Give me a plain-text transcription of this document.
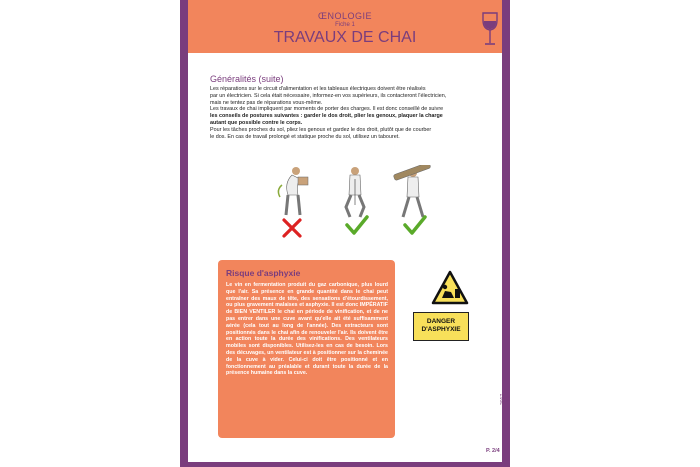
ŒNOLOGIE
Fiche 1
TRAVAUX DE CHAI
Généralités (suite)
Les réparations sur le circuit d'alimentation et les tableaux électriques doivent être réalisés
par un électricien. Si cela était nécessaire, informez-en vos supérieurs, ils contacteront l'électricien,
mais ne tentez pas de réparations vous-même.
Les travaux de chai impliquent par moments de porter des charges. Il est donc conseillé de suivre
les conseils de postures suivantes : garder le dos droit, plier les genoux, plaquer la charge
autant que possible contre le corps.
Pour les tâches proches du sol, pliez les genoux et gardez le dos droit, plutôt que de courber
le dos. En cas de travail prolongé et statique proche du sol, utilisez un tabouret.
Risque d'asphyxie
Le vin en fermentation produit du gaz carbonique, plus lourd que l'air. Sa présence en grande quantité dans le chai peut entraîner des maux de tête, des sensations d'étourdissement, ou plus gravement malaises et asphyxie. Il est donc IMPÉRATIF de BIEN VENTILER le chai en période de vinification, et de ne pas entrer dans une cuve avant qu'elle ait été suffisamment aérée (cela tout au long de l'année). Des extracteurs sont positionnés dans le chai afin de renouveler l'air. Ils doivent être en action toute la durée des vinifications. Des ventilateurs mobiles sont disponibles. Utilisez-les en cas de besoin. Lors des décuvages, un ventilateur est à positionner sur la cheminée de la cuve à vider. Celui-ci doit être positionné et en fonctionnement au préalable et durant toute la durée de la présence humaine dans la cuve.
DANGER
D'ASPHYXIE
2017 - V1
P. 2/4
